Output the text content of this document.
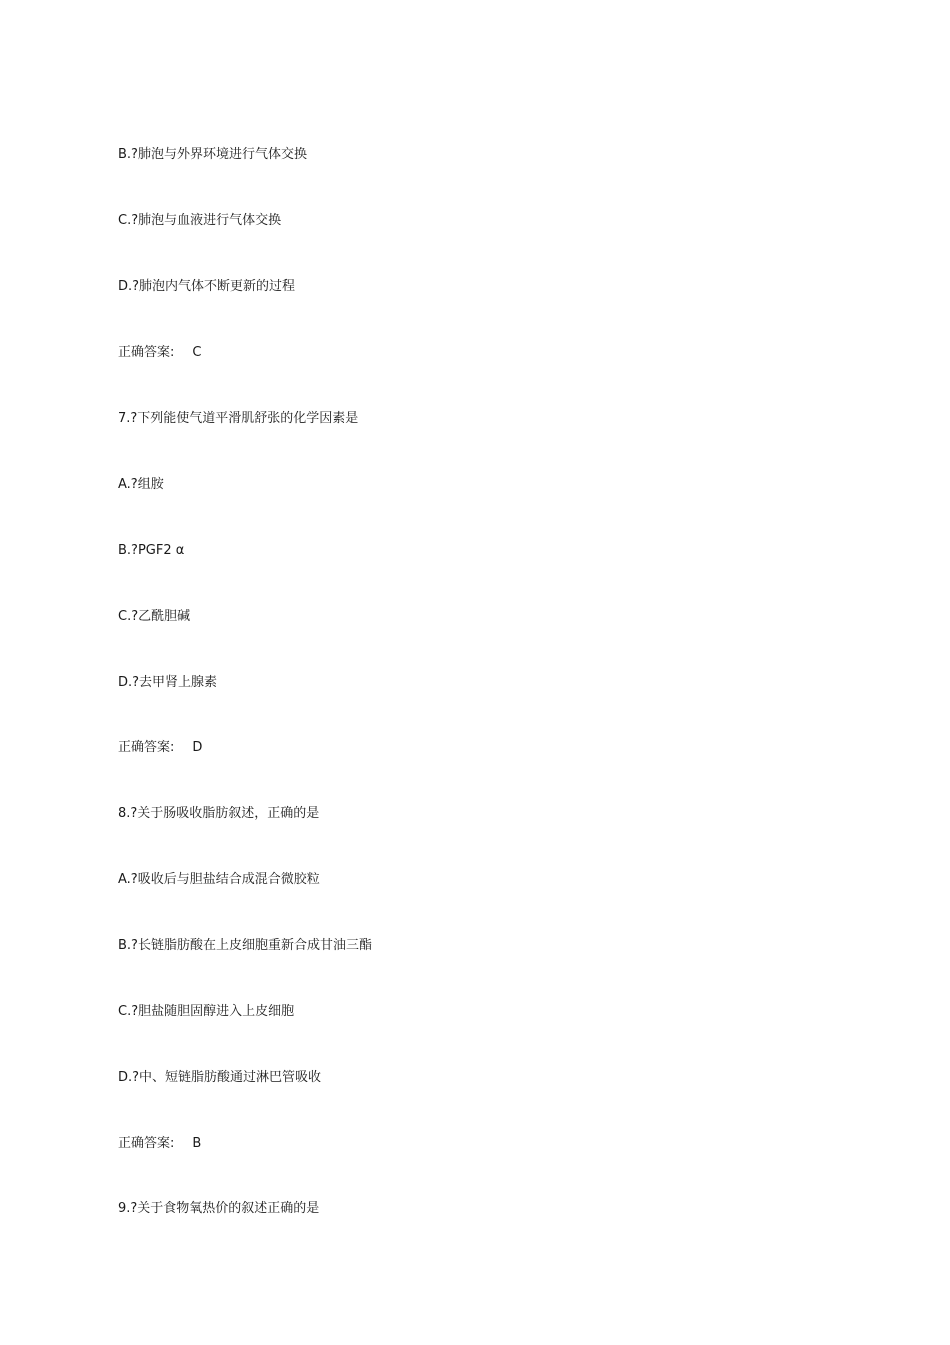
B.?肺泡与外界环境进行气体交换
C.?肺泡与血液进行气体交换
D.?肺泡内气体不断更新的过程
正确答案: C
7.?下列能使气道平滑肌舒张的化学因素是
A.?组胺
B.?PGF2 α
C.?乙酰胆碱
D.?去甲肾上腺素
正确答案: D
8.?关于肠吸收脂肪叙述，正确的是
A.?吸收后与胆盐结合成混合微胶粒
B.?长链脂肪酸在上皮细胞重新合成甘油三酯
C.?胆盐随胆固醇进入上皮细胞
D.?中、短链脂肪酸通过淋巴管吸收
正确答案: B
9.?关于食物氧热价的叙述正确的是
